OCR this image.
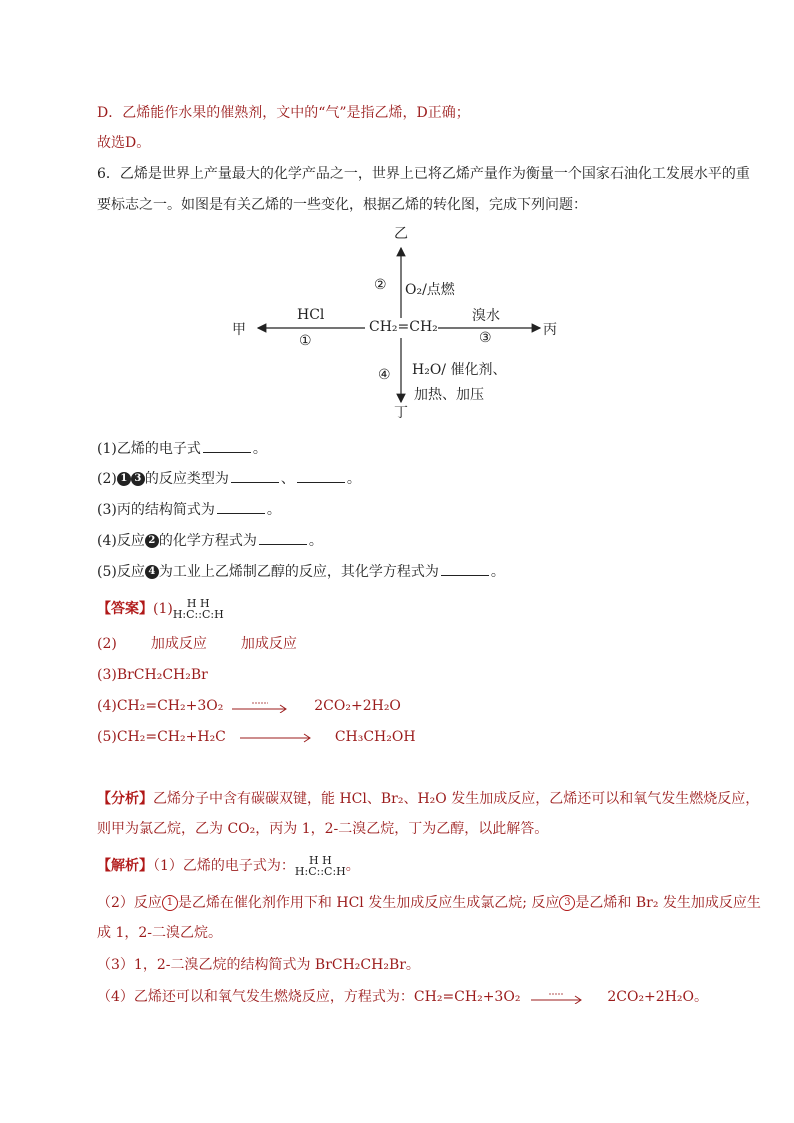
D．乙烯能作水果的催熟剂，文中的“气”是指乙烯，D正确；
故选D。
6．乙烯是世界上产量最大的化学产品之一，世界上已将乙烯产量作为衡量一个国家石油化工发展水平的重
要标志之一。如图是有关乙烯的一些变化，根据乙烯的转化图，完成下列问题：
乙
甲	丙
丁
CH₂=CH₂
HCl
①
O₂/点燃
②
溴水
③
H₂O/ 催化剂、
加热、加压
④
(1)乙烯的电子式	。
(2) 1 3 的反应类型为	、	。
(3)丙的结构简式为	。
(4)反应 2 的化学方程式为	。
(5)反应 4 为工业上乙烯制乙醇的反应，其化学方程式为	。
【答案】(1)	H H
H:C::C:H
(2) 加成反应 加成反应
(3)BrCH₂CH₂Br
(4)CH₂=CH₂+3O₂	2CO₂+2H₂O
(5)CH₂=CH₂+H₂C	CH₃CH₂OH
【分析】乙烯分子中含有碳碳双键，能 HCl、Br₂、H₂O 发生加成反应，乙烯还可以和氧气发生燃烧反应，
则甲为氯乙烷，乙为 CO₂，丙为 1，2-二溴乙烷，丁为乙醇，以此解答。
【解析】（1）乙烯的电子式为：	H H
H:C::C:H 。
（2）反应 1 是乙烯在催化剂作用下和 HCl 发生加成反应生成氯乙烷; 反应 3 是乙烯和 Br₂ 发生加成反应生
成 1，2-二溴乙烷。
（3）1，2-二溴乙烷的结构简式为 BrCH₂CH₂Br。
（4）乙烯还可以和氧气发生燃烧反应，方程式为：CH₂=CH₂+3O₂	2CO₂+2H₂O。
